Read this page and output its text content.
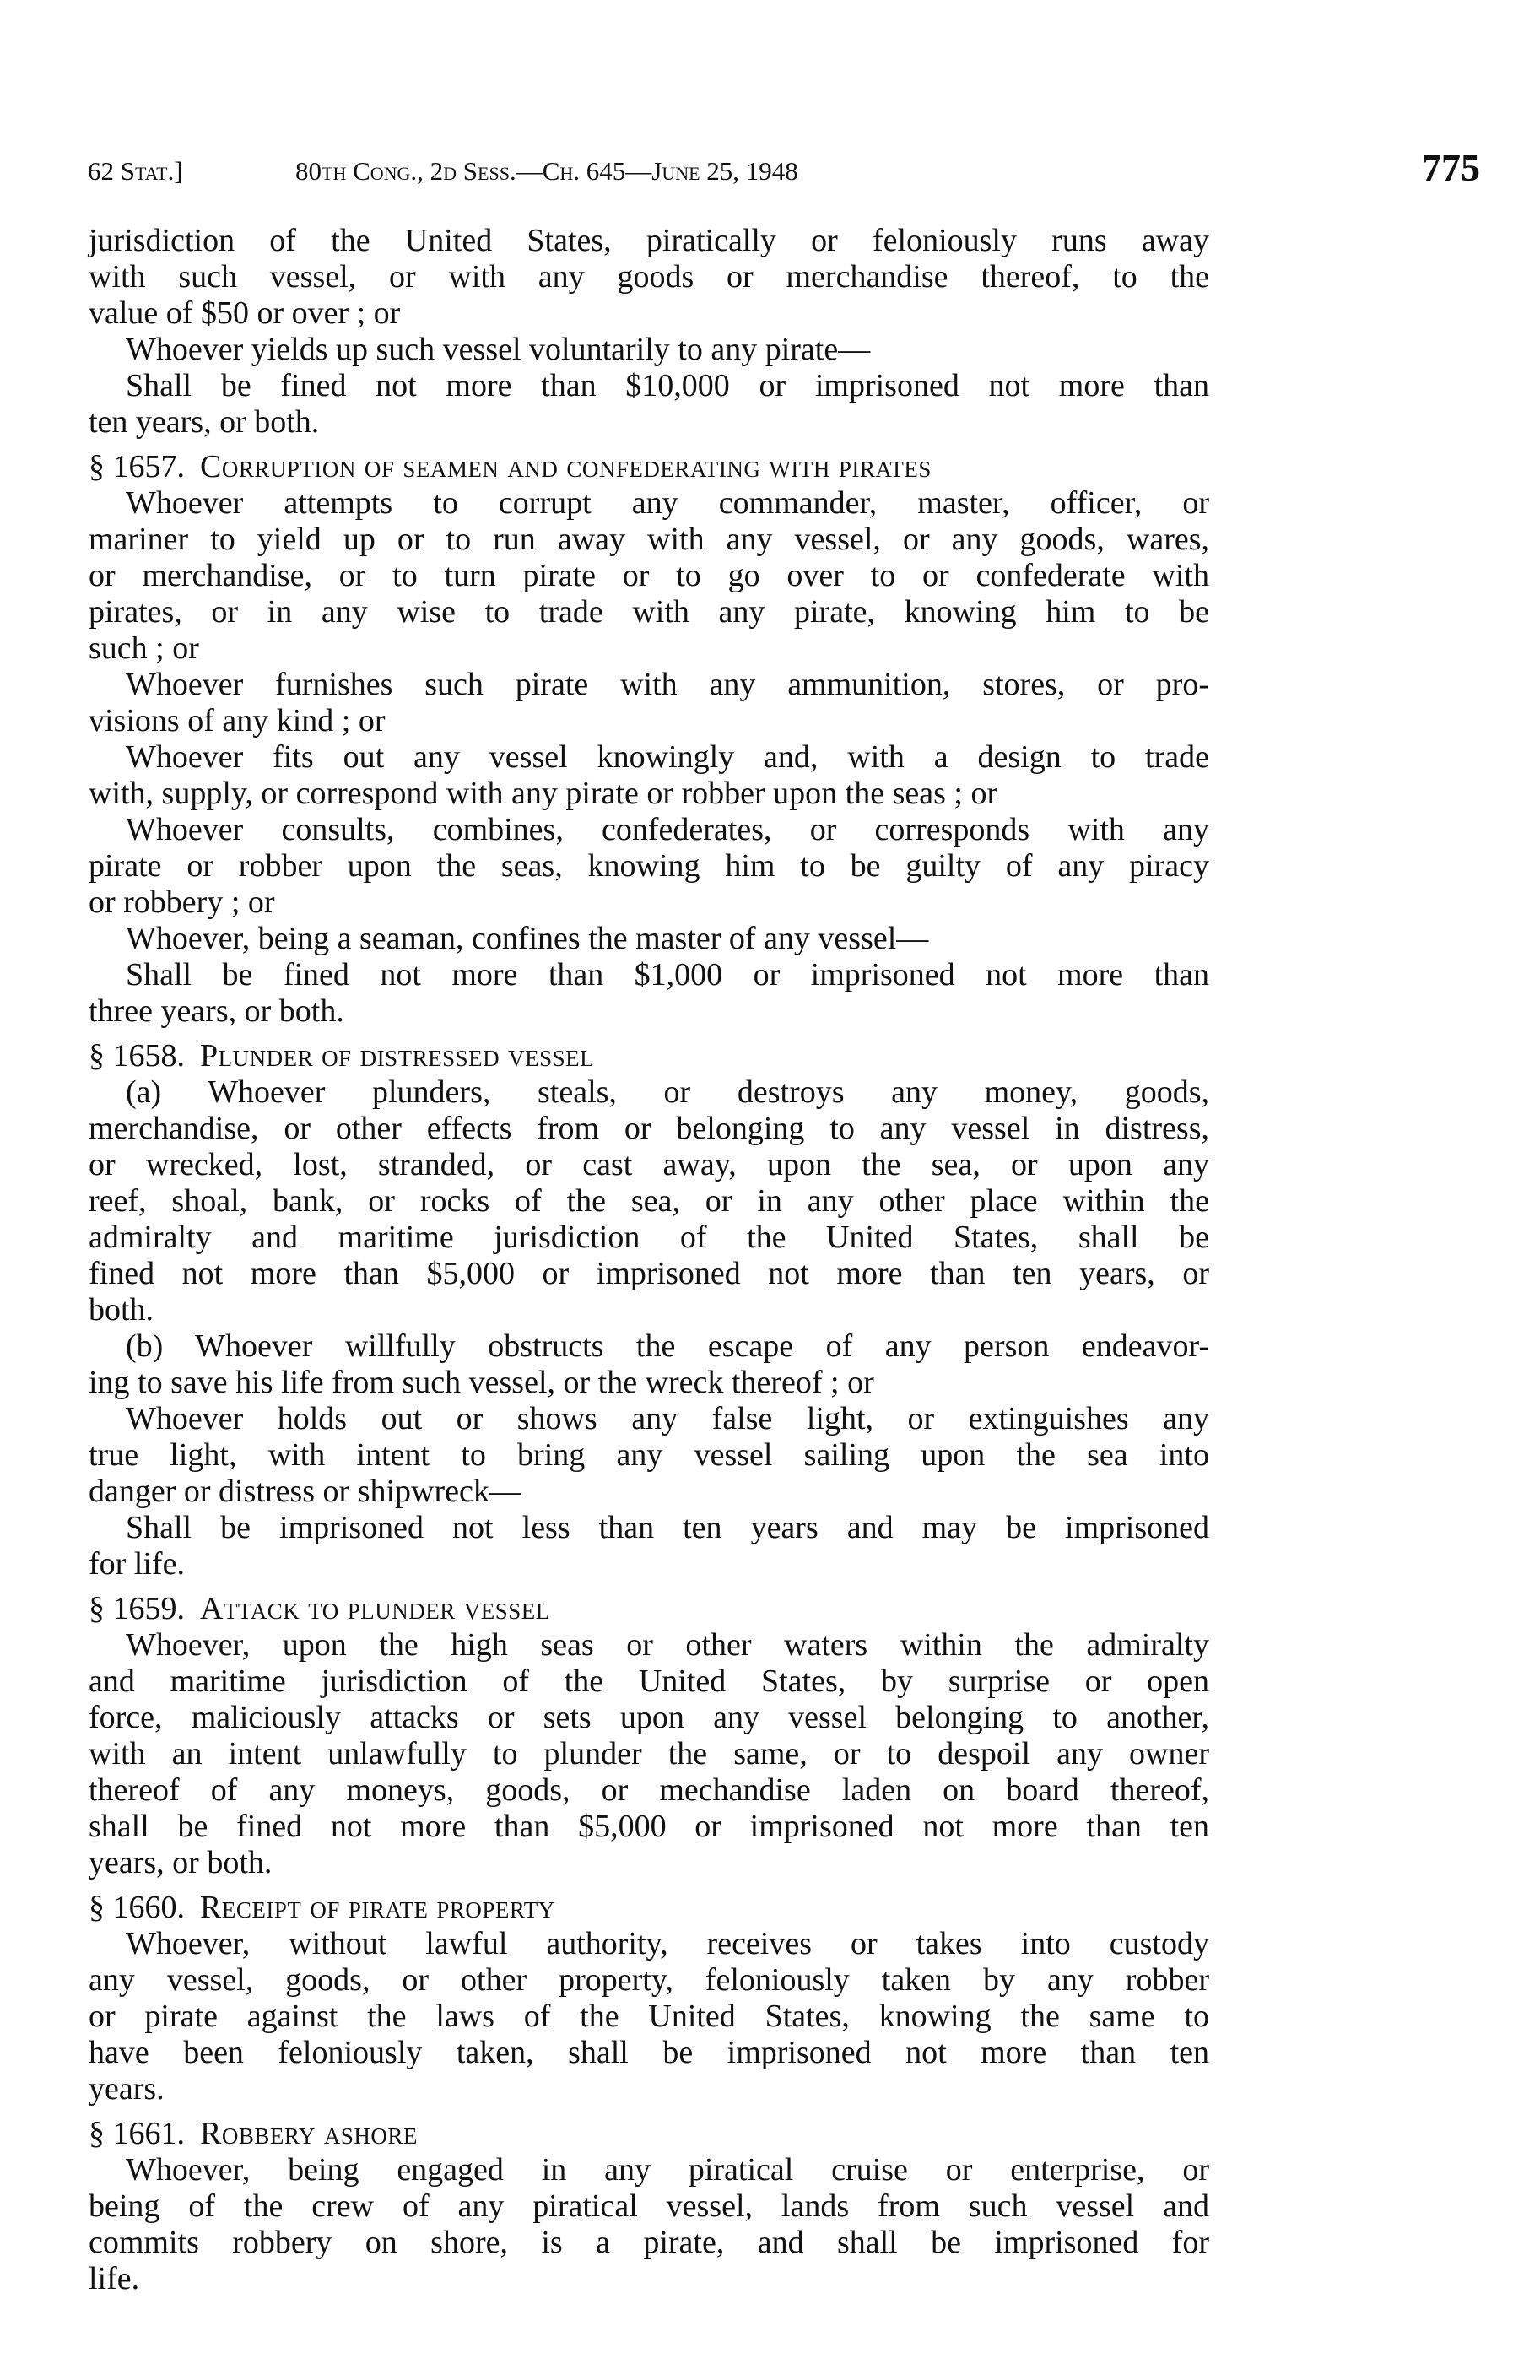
62 Stat.]	80th Cong., 2d Sess.—Ch. 645—June 25, 1948	775
jurisdiction of the United States, piratically or feloniously runs away
with such vessel, or with any goods or merchandise thereof, to the
value of $50 or over ; or
Whoever yields up such vessel voluntarily to any pirate—
Shall be fined not more than $10,000 or imprisoned not more than
ten years, or both.
§ 1657. Corruption of seamen and confederating with pirates
Whoever attempts to corrupt any commander, master, officer, or
mariner to yield up or to run away with any vessel, or any goods, wares,
or merchandise, or to turn pirate or to go over to or confederate with
pirates, or in any wise to trade with any pirate, knowing him to be
such ; or
Whoever furnishes such pirate with any ammunition, stores, or pro-
visions of any kind ; or
Whoever fits out any vessel knowingly and, with a design to trade
with, supply, or correspond with any pirate or robber upon the seas ; or
Whoever consults, combines, confederates, or corresponds with any
pirate or robber upon the seas, knowing him to be guilty of any piracy
or robbery ; or
Whoever, being a seaman, confines the master of any vessel—
Shall be fined not more than $1,000 or imprisoned not more than
three years, or both.
§ 1658. Plunder of distressed vessel
(a) Whoever plunders, steals, or destroys any money, goods,
merchandise, or other effects from or belonging to any vessel in distress,
or wrecked, lost, stranded, or cast away, upon the sea, or upon any
reef, shoal, bank, or rocks of the sea, or in any other place within the
admiralty and maritime jurisdiction of the United States, shall be
fined not more than $5,000 or imprisoned not more than ten years, or
both.
(b) Whoever willfully obstructs the escape of any person endeavor-
ing to save his life from such vessel, or the wreck thereof ; or
Whoever holds out or shows any false light, or extinguishes any
true light, with intent to bring any vessel sailing upon the sea into
danger or distress or shipwreck—
Shall be imprisoned not less than ten years and may be imprisoned
for life.
§ 1659. Attack to plunder vessel
Whoever, upon the high seas or other waters within the admiralty
and maritime jurisdiction of the United States, by surprise or open
force, maliciously attacks or sets upon any vessel belonging to another,
with an intent unlawfully to plunder the same, or to despoil any owner
thereof of any moneys, goods, or mechandise laden on board thereof,
shall be fined not more than $5,000 or imprisoned not more than ten
years, or both.
§ 1660. Receipt of pirate property
Whoever, without lawful authority, receives or takes into custody
any vessel, goods, or other property, feloniously taken by any robber
or pirate against the laws of the United States, knowing the same to
have been feloniously taken, shall be imprisoned not more than ten
years.
§ 1661. Robbery ashore
Whoever, being engaged in any piratical cruise or enterprise, or
being of the crew of any piratical vessel, lands from such vessel and
commits robbery on shore, is a pirate, and shall be imprisoned for
life.
